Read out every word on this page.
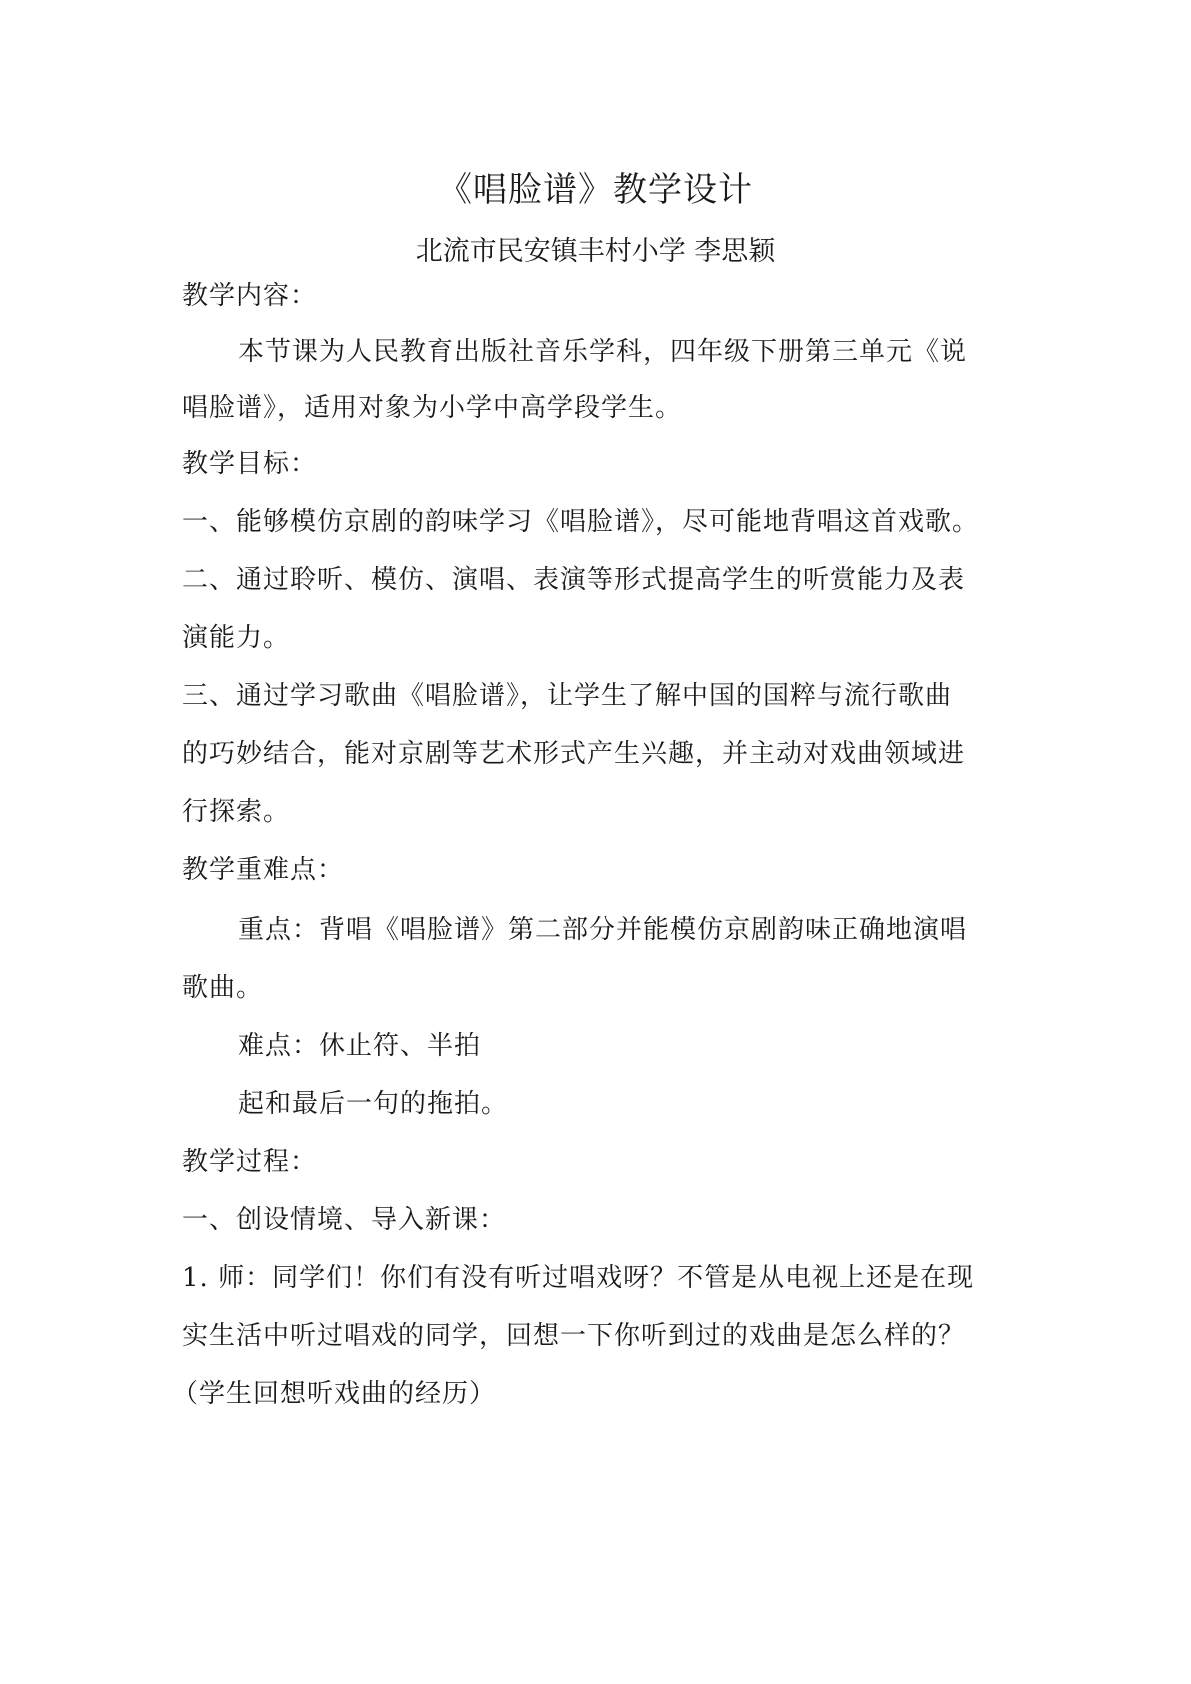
《唱脸谱》教学设计
北流市民安镇丰村小学 李思颖
教学内容：
本节课为人民教育出版社音乐学科，四年级下册第三单元《说
唱脸谱》，适用对象为小学中高学段学生。
教学目标：
一、能够模仿京剧的韵味学习《唱脸谱》，尽可能地背唱这首戏歌。
二、通过聆听、模仿、演唱、表演等形式提高学生的听赏能力及表
演能力。
三、通过学习歌曲《唱脸谱》，让学生了解中国的国粹与流行歌曲
的巧妙结合，能对京剧等艺术形式产生兴趣，并主动对戏曲领域进
行探索。
教学重难点：
重点：背唱《唱脸谱》第二部分并能模仿京剧韵味正确地演唱
歌曲。
难点：休止符、半拍
起和最后一句的拖拍。
教学过程：
一、创设情境、导入新课：
1. 师：同学们！你们有没有听过唱戏呀？不管是从电视上还是在现
实生活中听过唱戏的同学，回想一下你听到过的戏曲是怎么样的？
（学生回想听戏曲的经历）
